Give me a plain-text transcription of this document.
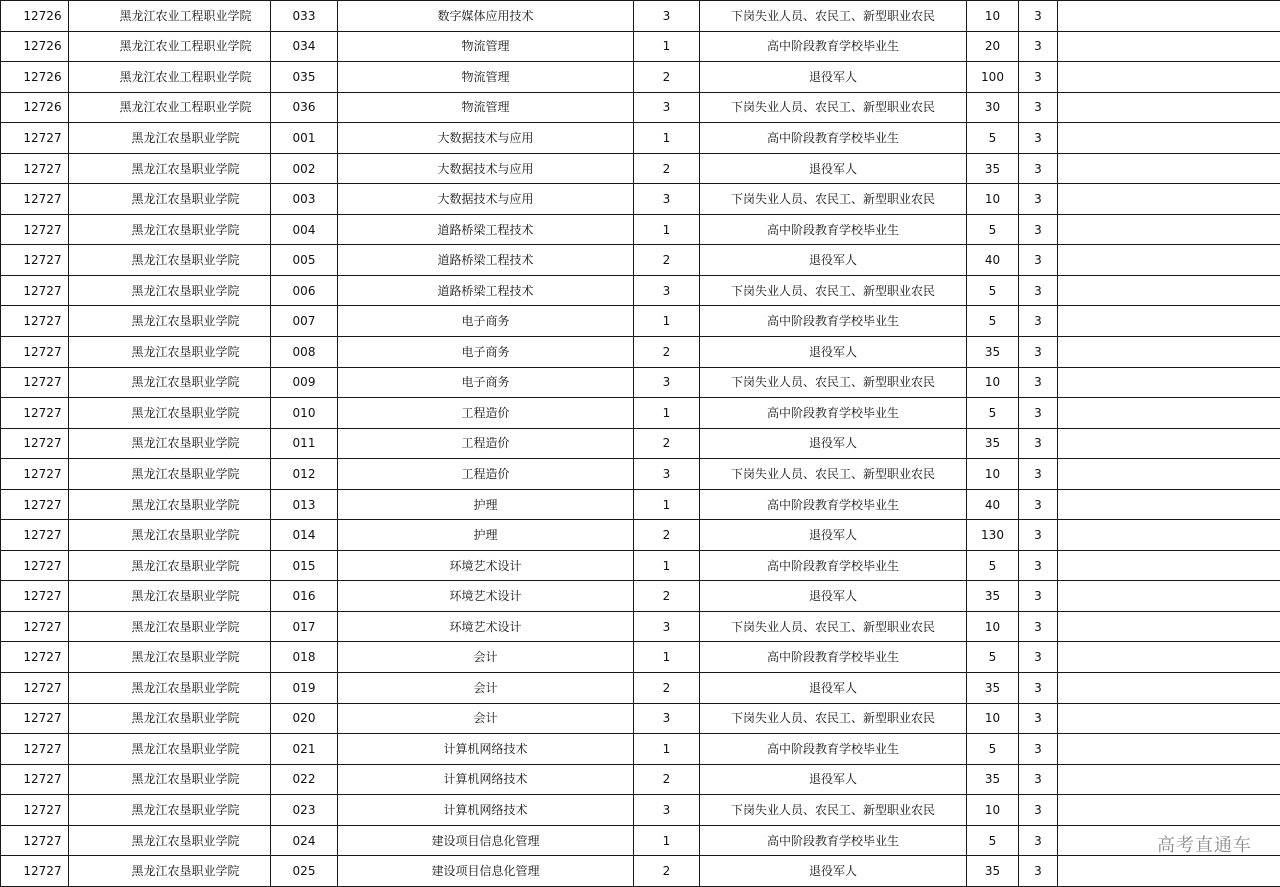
12726	黑龙江农业工程职业学院	033	数字媒体应用技术	3	下岗失业人员、农民工、新型职业农民	10	3	
12726	黑龙江农业工程职业学院	034	物流管理	1	高中阶段教育学校毕业生	20	3	
12726	黑龙江农业工程职业学院	035	物流管理	2	退役军人	100	3	
12726	黑龙江农业工程职业学院	036	物流管理	3	下岗失业人员、农民工、新型职业农民	30	3	
12727	黑龙江农垦职业学院	001	大数据技术与应用	1	高中阶段教育学校毕业生	5	3	
12727	黑龙江农垦职业学院	002	大数据技术与应用	2	退役军人	35	3	
12727	黑龙江农垦职业学院	003	大数据技术与应用	3	下岗失业人员、农民工、新型职业农民	10	3	
12727	黑龙江农垦职业学院	004	道路桥梁工程技术	1	高中阶段教育学校毕业生	5	3	
12727	黑龙江农垦职业学院	005	道路桥梁工程技术	2	退役军人	40	3	
12727	黑龙江农垦职业学院	006	道路桥梁工程技术	3	下岗失业人员、农民工、新型职业农民	5	3	
12727	黑龙江农垦职业学院	007	电子商务	1	高中阶段教育学校毕业生	5	3	
12727	黑龙江农垦职业学院	008	电子商务	2	退役军人	35	3	
12727	黑龙江农垦职业学院	009	电子商务	3	下岗失业人员、农民工、新型职业农民	10	3	
12727	黑龙江农垦职业学院	010	工程造价	1	高中阶段教育学校毕业生	5	3	
12727	黑龙江农垦职业学院	011	工程造价	2	退役军人	35	3	
12727	黑龙江农垦职业学院	012	工程造价	3	下岗失业人员、农民工、新型职业农民	10	3	
12727	黑龙江农垦职业学院	013	护理	1	高中阶段教育学校毕业生	40	3	
12727	黑龙江农垦职业学院	014	护理	2	退役军人	130	3	
12727	黑龙江农垦职业学院	015	环境艺术设计	1	高中阶段教育学校毕业生	5	3	
12727	黑龙江农垦职业学院	016	环境艺术设计	2	退役军人	35	3	
12727	黑龙江农垦职业学院	017	环境艺术设计	3	下岗失业人员、农民工、新型职业农民	10	3	
12727	黑龙江农垦职业学院	018	会计	1	高中阶段教育学校毕业生	5	3	
12727	黑龙江农垦职业学院	019	会计	2	退役军人	35	3	
12727	黑龙江农垦职业学院	020	会计	3	下岗失业人员、农民工、新型职业农民	10	3	
12727	黑龙江农垦职业学院	021	计算机网络技术	1	高中阶段教育学校毕业生	5	3	
12727	黑龙江农垦职业学院	022	计算机网络技术	2	退役军人	35	3	
12727	黑龙江农垦职业学院	023	计算机网络技术	3	下岗失业人员、农民工、新型职业农民	10	3	
12727	黑龙江农垦职业学院	024	建设项目信息化管理	1	高中阶段教育学校毕业生	5	3	
12727	黑龙江农垦职业学院	025	建设项目信息化管理	2	退役军人	35	3	
高考直通车
